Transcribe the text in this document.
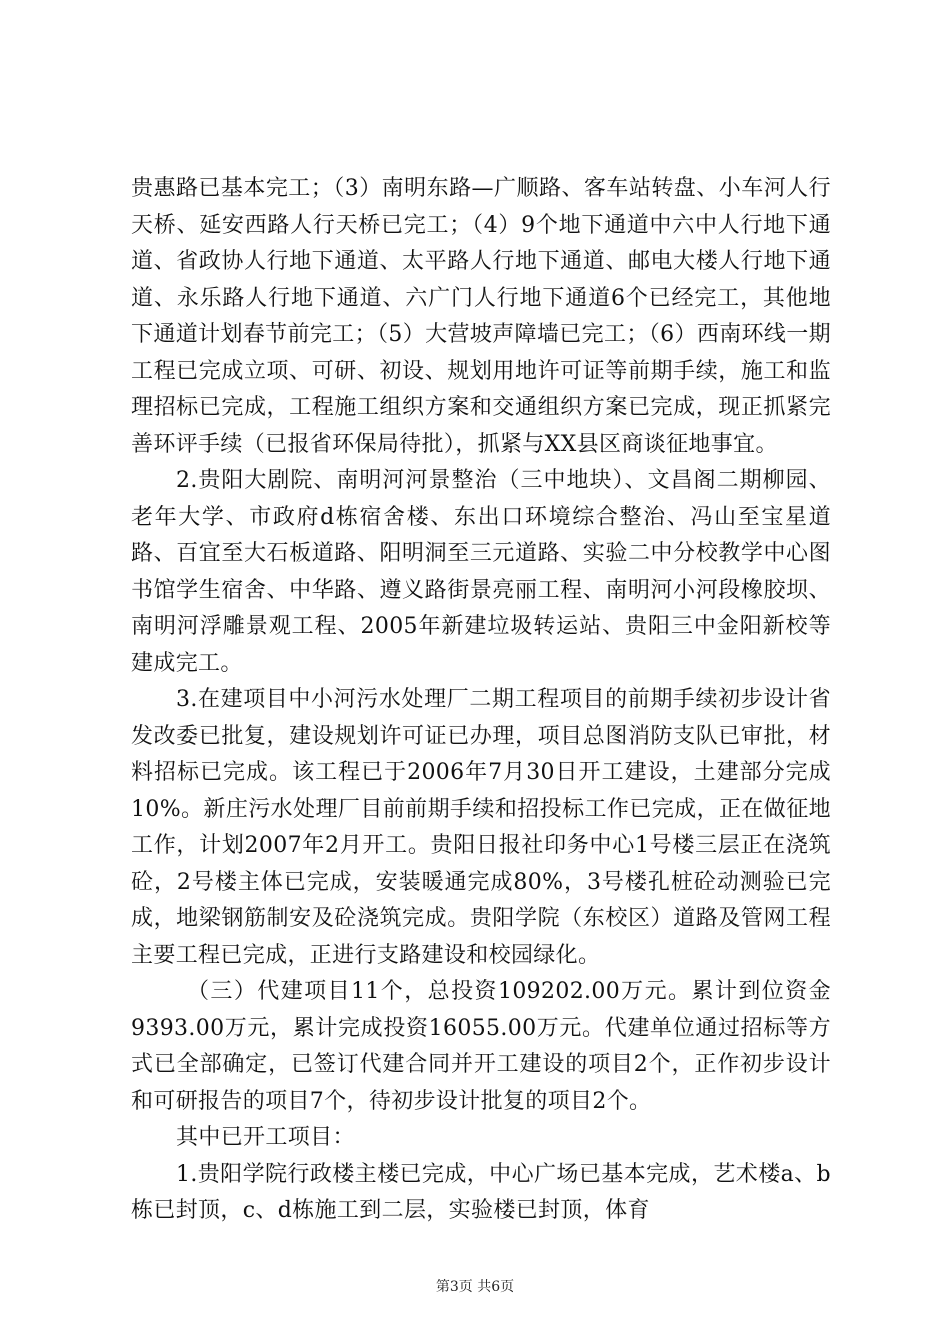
贵惠路已基本完工；（3）南明东路—广顺路、客车站转盘、小车河人行天桥、延安西路人行天桥已完工；（4）9个地下通道中六中人行地下通道、省政协人行地下通道、太平路人行地下通道、邮电大楼人行地下通道、永乐路人行地下通道、六广门人行地下通道6个已经完工，其他地下通道计划春节前完工；（5）大营坡声障墙已完工；（6）西南环线一期工程已完成立项、可研、初设、规划用地许可证等前期手续，施工和监理招标已完成，工程施工组织方案和交通组织方案已完成，现正抓紧完善环评手续（已报省环保局待批），抓紧与XX县区商谈征地事宜。

2.贵阳大剧院、南明河河景整治（三中地块）、文昌阁二期柳园、老年大学、市政府d栋宿舍楼、东出口环境综合整治、冯山至宝星道路、百宜至大石板道路、阳明洞至三元道路、实验二中分校教学中心图书馆学生宿舍、中华路、遵义路街景亮丽工程、南明河小河段橡胶坝、南明河浮雕景观工程、2005年新建垃圾转运站、贵阳三中金阳新校等建成完工。

3.在建项目中小河污水处理厂二期工程项目的前期手续初步设计省发改委已批复，建设规划许可证已办理，项目总图消防支队已审批，材料招标已完成。该工程已于2006年7月30日开工建设，土建部分完成10%。新庄污水处理厂目前前期手续和招投标工作已完成，正在做征地工作，计划2007年2月开工。贵阳日报社印务中心1号楼三层正在浇筑砼，2号楼主体已完成，安装暖通完成80%，3号楼孔桩砼动测验已完成，地梁钢筋制安及砼浇筑完成。贵阳学院（东校区）道路及管网工程主要工程已完成，正进行支路建设和校园绿化。

（三）代建项目11个，总投资109202.00万元。累计到位资金9393.00万元，累计完成投资16055.00万元。代建单位通过招标等方式已全部确定，已签订代建合同并开工建设的项目2个，正作初步设计和可研报告的项目7个，待初步设计批复的项目2个。

其中已开工项目：

1.贵阳学院行政楼主楼已完成，中心广场已基本完成，艺术楼a、b栋已封顶，c、d栋施工到二层，实验楼已封顶，体育

第3页 共6页
